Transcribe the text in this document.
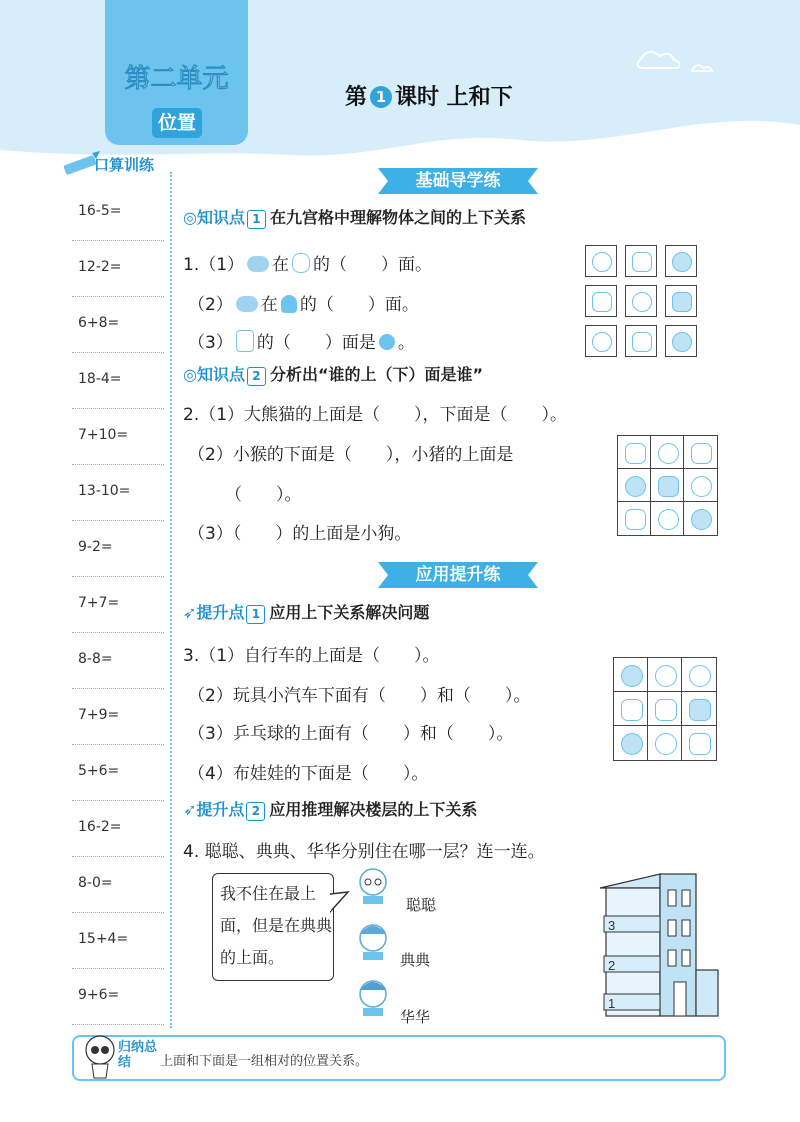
第二单元
位置
第 1 课时 上和下
口算训练
16-5=
12-2=
6+8=
18-4=
7+10=
13-10=
9-2=
7+7=
8-8=
7+9=
5+6=
16-2=
8-0=
15+4=
9+6=
基础导学练
◎知识点 1 在九宫格中理解物体之间的上下关系
1.（1） 在 的（　　）面。
（2） 在 的（　　）面。
（3） 的（　　）面是 。
◎知识点 2 分析出“谁的上（下）面是谁”
2.（1）大熊猫的上面是（　　），下面是（　　）。
（2）小猴的下面是（　　），小猪的上面是
（　　）。
（3）（　　）的上面是小狗。
应用提升练
➶提升点 1 应用上下关系解决问题
3.（1）自行车的上面是（　　）。
（2）玩具小汽车下面有（　　）和（　　）。
（3）乒乓球的上面有（　　）和（　　）。
（4）布娃娃的下面是（　　）。
➶提升点 2 应用推理解决楼层的上下关系
4. 聪聪、典典、华华分别住在哪一层？连一连。
我不住在最上面，但是在典典的上面。
聪聪
典典
华华
3
2
1
归纳总结	上面和下面是一组相对的位置关系。
